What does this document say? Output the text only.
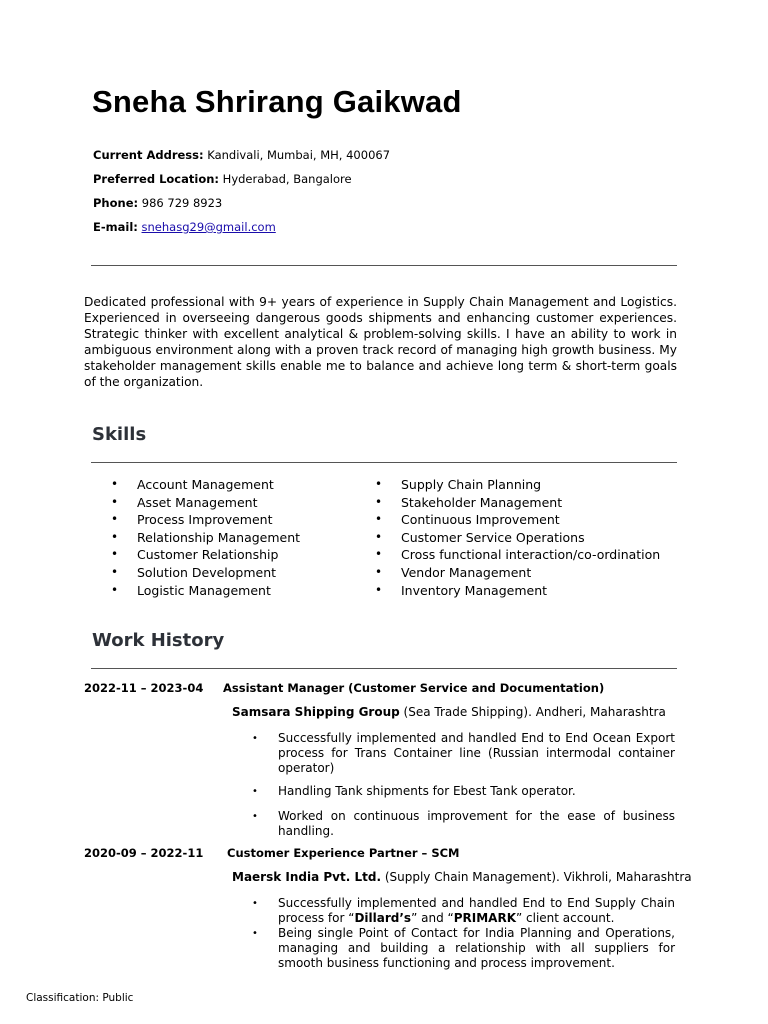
Sneha Shrirang Gaikwad
Current Address: Kandivali, Mumbai, MH, 400067
Preferred Location: Hyderabad, Bangalore
Phone: 986 729 8923
E-mail: snehasg29@gmail.com

Dedicated professional with 9+ years of experience in Supply Chain Management and Logistics. Experienced in overseeing dangerous goods shipments and enhancing customer experiences. Strategic thinker with excellent analytical & problem-solving skills. I have an ability to work in ambiguous environment along with a proven track record of managing high growth business. My stakeholder management skills enable me to balance and achieve long term & short-term goals of the organization.

Skills
• Account Management
• Asset Management
• Process Improvement
• Relationship Management
• Customer Relationship
• Solution Development
• Logistic Management
• Supply Chain Planning
• Stakeholder Management
• Continuous Improvement
• Customer Service Operations
• Cross functional interaction/co-ordination
• Vendor Management
• Inventory Management
Work History
2022-11 – 2023-04 Assistant Manager (Customer Service and Documentation)
Samsara Shipping Group (Sea Trade Shipping). Andheri, Maharashtra
• Successfully implemented and handled End to End Ocean Export process for Trans Container line (Russian intermodal container operator)
• Handling Tank shipments for Ebest Tank operator.
• Worked on continuous improvement for the ease of business handling.
2020-09 – 2022-11 Customer Experience Partner – SCM
Maersk India Pvt. Ltd. (Supply Chain Management). Vikhroli, Maharashtra
• Successfully implemented and handled End to End Supply Chain process for “Dillard’s” and “PRIMARK” client account.
• Being single Point of Contact for India Planning and Operations, managing and building a relationship with all suppliers for smooth business functioning and process improvement.
Classification: Public
